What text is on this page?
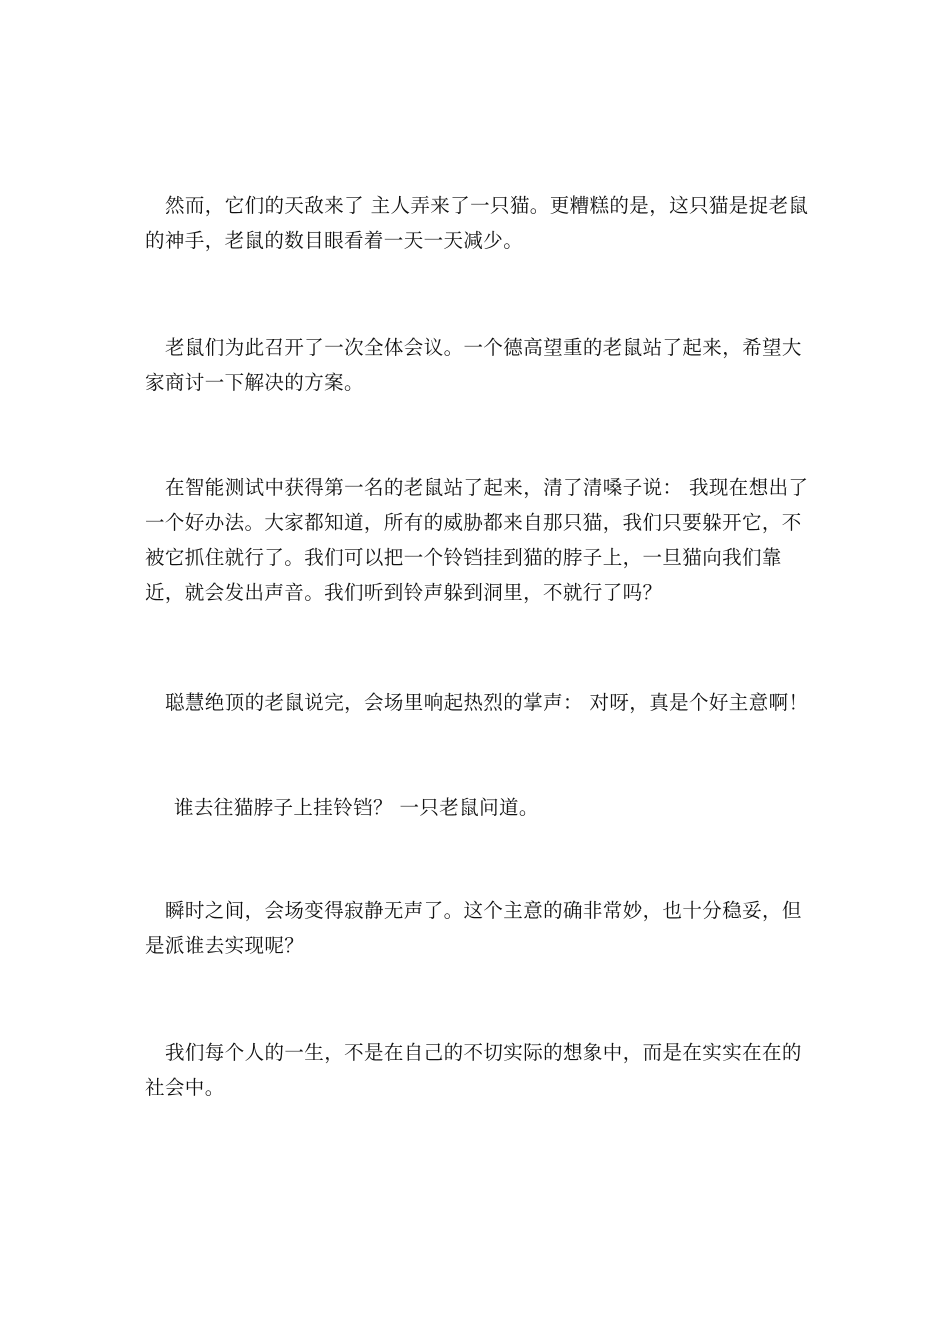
然而，它们的天敌来了 主人弄来了一只猫。更糟糕的是，这只猫是捉老鼠的神手，老鼠的数目眼看着一天一天减少。

老鼠们为此召开了一次全体会议。一个德高望重的老鼠站了起来，希望大家商讨一下解决的方案。

在智能测试中获得第一名的老鼠站了起来，清了清嗓子说： 我现在想出了一个好办法。大家都知道，所有的威胁都来自那只猫，我们只要躲开它，不被它抓住就行了。我们可以把一个铃铛挂到猫的脖子上，一旦猫向我们靠近，就会发出声音。我们听到铃声躲到洞里，不就行了吗？

聪慧绝顶的老鼠说完，会场里响起热烈的掌声： 对呀，真是个好主意啊！

谁去往猫脖子上挂铃铛？ 一只老鼠问道。

瞬时之间，会场变得寂静无声了。这个主意的确非常妙，也十分稳妥，但是派谁去实现呢？

我们每个人的一生，不是在自己的不切实际的想象中，而是在实实在在的社会中。
